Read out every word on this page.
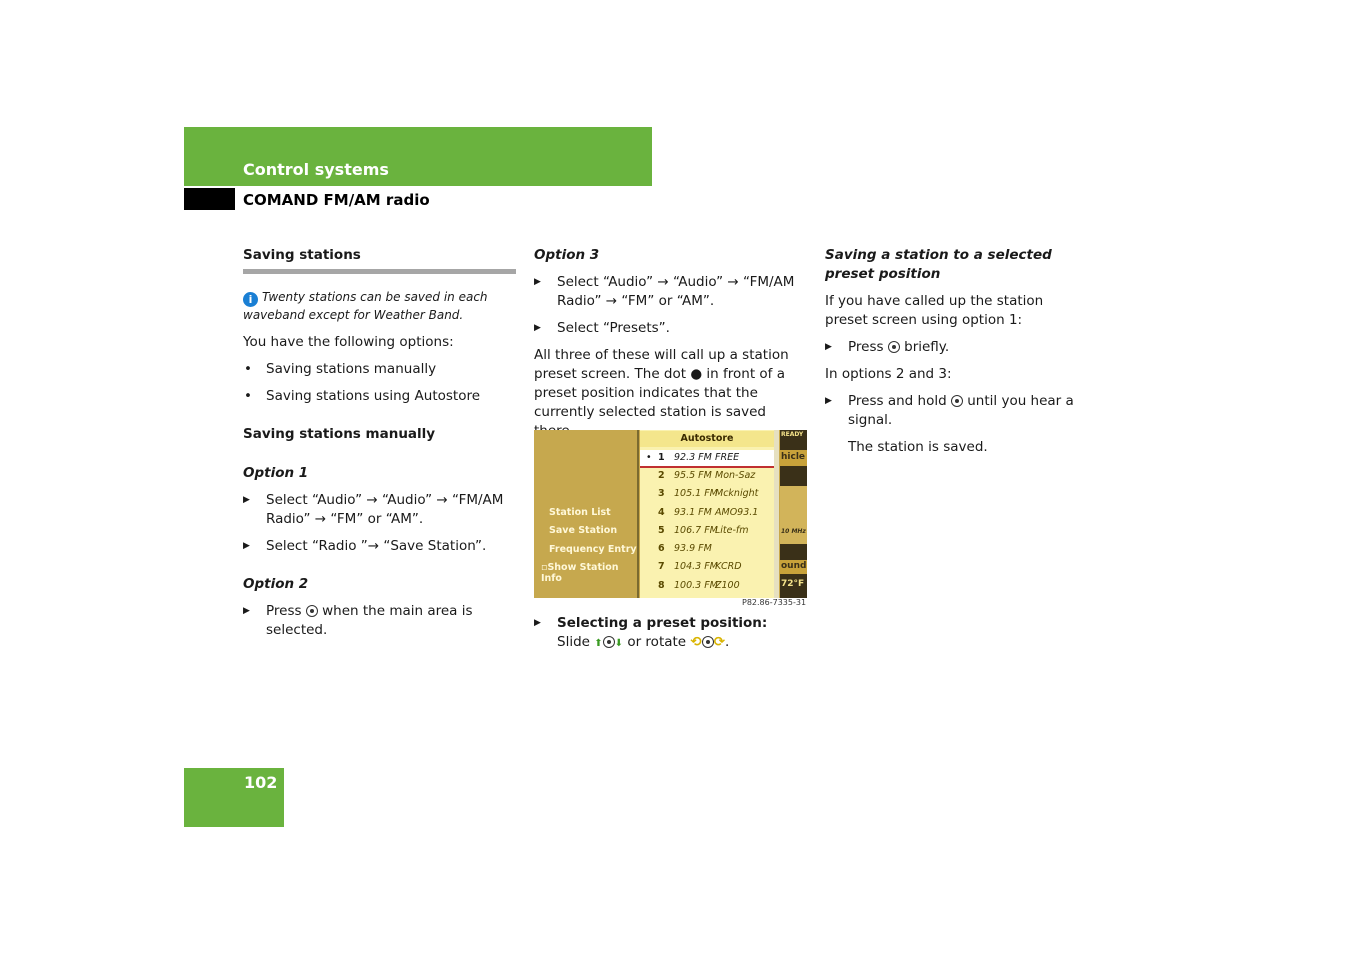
Control systems
COMAND FM/AM radio

Saving stations

i Twenty stations can be saved in each waveband except for Weather Band.

You have the following options:

• Saving stations manually

• Saving stations using Autostore

Saving stations manually

Option 1

▶ Select “Audio” → “Audio” → “FM/AM Radio” → “FM” or “AM”.

▶ Select “Radio ”→ “Save Station”.

Option 2

▶ Press when the main area is selected.

Option 3

▶ Select “Audio” → “Audio” → “FM/AM Radio” → “FM” or “AM”.

▶ Select “Presets”.

All three of these will call up a station preset screen. The dot ● in front of a preset position indicates that the currently selected station is saved

Station List
Save Station
Frequency Entry
▫Show Station Info
Autostore
• 1 92.3 FM FREE
2 95.5 FM Mon-Saz
3 105.1 FM
Mcknight
4 93.1 FM AMO93.1
5 106.7 FM
Lite-fm
6 93.9 FM
7 104.3 FM
KCRD
8 100.3 FM
Z100
READY
hicle
10 MHz
ound
72°F
P82.86-7335-31

▶ Selecting a preset position:
Slide ⬆ ⬇ or rotate ⟲ ⟳.

Saving a station to a selected preset position

If you have called up the station preset screen using option 1:

▶ Press briefly.

In options 2 and 3:

▶ Press and hold until you hear a signal.

The station is saved.

102
